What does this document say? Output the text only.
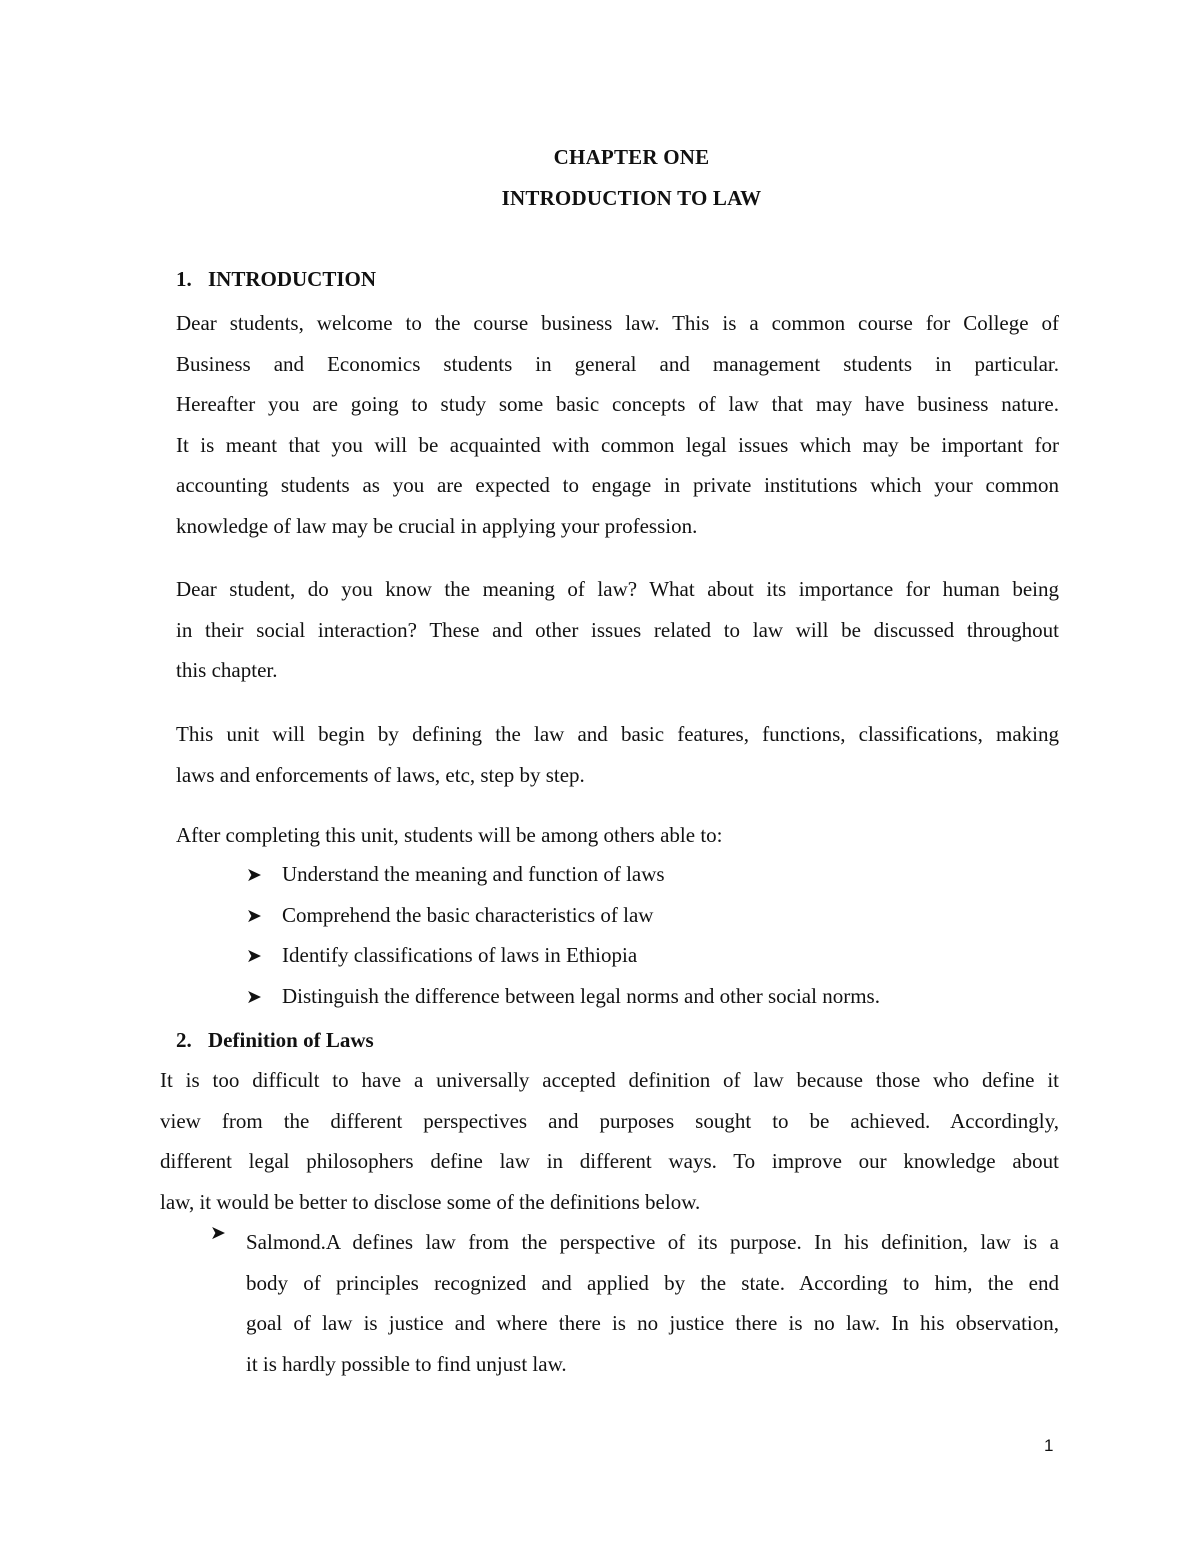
CHAPTER ONE
INTRODUCTION TO LAW
1. INTRODUCTION
Dear students, welcome to the course business law. This is a common course for College of
Business and Economics students in general and management students in particular.
Hereafter you are going to study some basic concepts of law that may have business nature.
It is meant that you will be acquainted with common legal issues which may be important for
accounting students as you are expected to engage in private institutions which your common
knowledge of law may be crucial in applying your profession.
Dear student, do you know the meaning of law? What about its importance for human being
in their social interaction? These and other issues related to law will be discussed throughout
this chapter.
This unit will begin by defining the law and basic features, functions, classifications, making
laws and enforcements of laws, etc, step by step.
After completing this unit, students will be among others able to:
➤ Understand the meaning and function of laws
➤ Comprehend the basic characteristics of law
➤ Identify classifications of laws in Ethiopia
➤ Distinguish the difference between legal norms and other social norms.
2. Definition of Laws
It is too difficult to have a universally accepted definition of law because those who define it
view from the different perspectives and purposes sought to be achieved. Accordingly,
different legal philosophers define law in different ways. To improve our knowledge about
law, it would be better to disclose some of the definitions below.
➤ Salmond.A defines law from the perspective of its purpose. In his definition, law is a
body of principles recognized and applied by the state. According to him, the end
goal of law is justice and where there is no justice there is no law. In his observation,
it is hardly possible to find unjust law.
1
